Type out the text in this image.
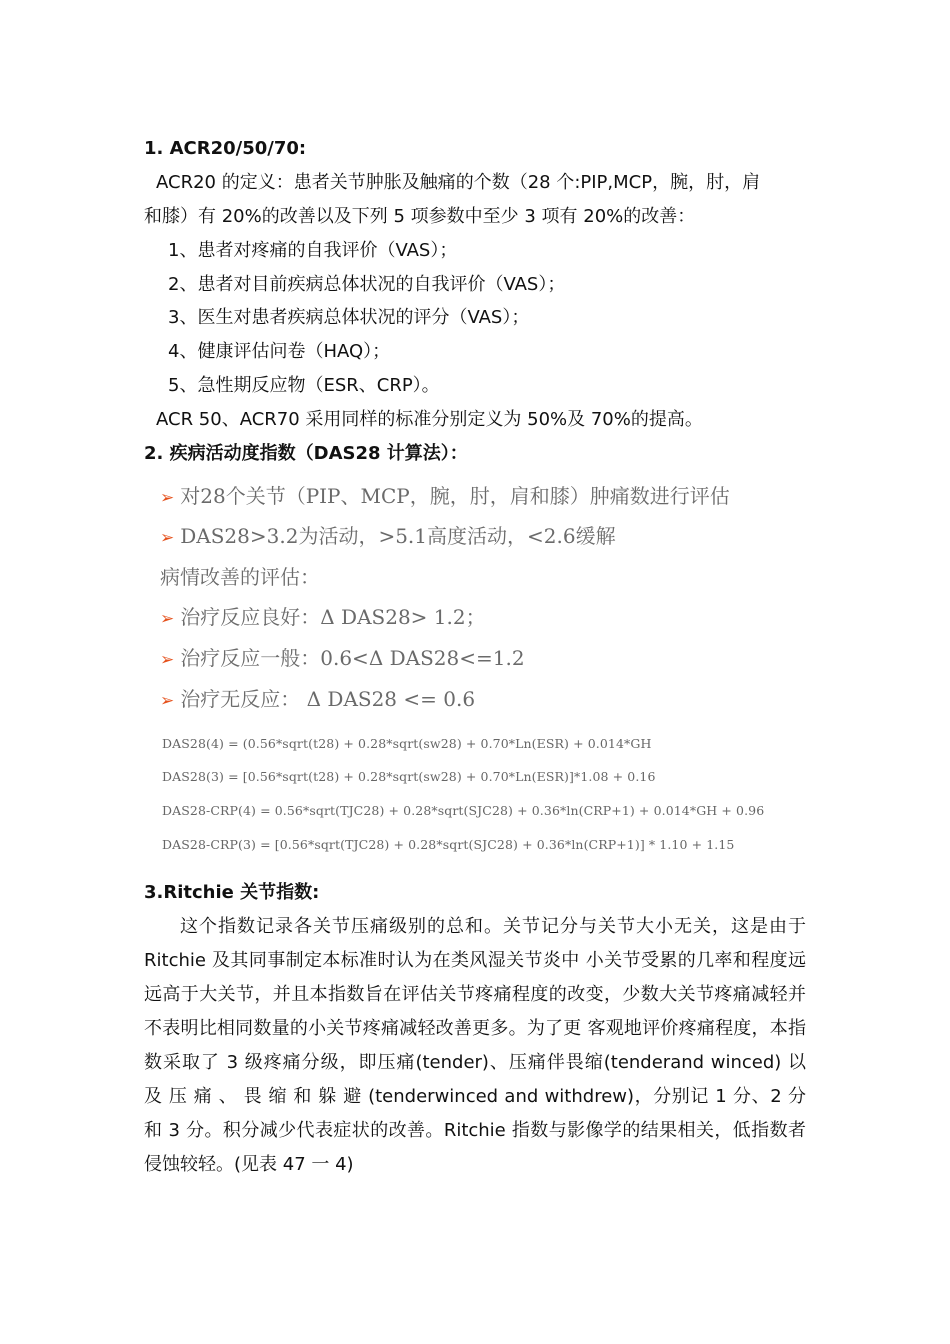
1. ACR20/50/70:
ACR20 的定义：患者关节肿胀及触痛的个数（28 个:PIP,MCP，腕，肘，肩
和膝）有 20%的改善以及下列 5 项参数中至少 3 项有 20%的改善：
1、患者对疼痛的自我评价（VAS）；
2、患者对目前疾病总体状况的自我评价（VAS）；
3、医生对患者疾病总体状况的评分（VAS）；
4、健康评估问卷（HAQ）；
5、急性期反应物（ESR、CRP）。
ACR 50、ACR70 采用同样的标准分别定义为 50%及 70%的提高。
2. 疾病活动度指数（DAS28 计算法）：
➢ 对28个关节（PIP、MCP，腕，肘，肩和膝）肿痛数进行评估
➢ DAS28>3.2为活动，>5.1高度活动，<2.6缓解
病情改善的评估：
➢ 治疗反应良好：Δ DAS28> 1.2；
➢ 治疗反应一般：0.6<Δ DAS28<=1.2
➢ 治疗无反应： Δ DAS28 <= 0.6
DAS28(4) = (0.56*sqrt(t28) + 0.28*sqrt(sw28) + 0.70*Ln(ESR) + 0.014*GH
DAS28(3) = [0.56*sqrt(t28) + 0.28*sqrt(sw28) + 0.70*Ln(ESR)]*1.08 + 0.16
DAS28-CRP(4) = 0.56*sqrt(TJC28) + 0.28*sqrt(SJC28) + 0.36*ln(CRP+1) + 0.014*GH + 0.96
DAS28-CRP(3) = [0.56*sqrt(TJC28) + 0.28*sqrt(SJC28) + 0.36*ln(CRP+1)] * 1.10 + 1.15
3.Ritchie 关节指数:
这个指数记录各关节压痛级别的总和。关节记分与关节大小无关，这是由于 Ritchie 及其同事制定本标准时认为在类风湿关节炎中 小关节受累的几率和程度远远高于大关节，并且本指数旨在评估关节疼痛程度的改变，少数大关节疼痛减轻并不表明比相同数量的小关节疼痛减轻改善更多。为了更 客观地评价疼痛程度，本指数采取了 3 级疼痛分级，即压痛(tender)、压痛伴畏缩(tenderand winced) 以 及 压 痛 、 畏 缩 和 躲 避 (tenderwinced and withdrew)，分别记 1 分、2 分和 3 分。积分减少代表症状的改善。Ritchie 指数与影像学的结果相关，低指数者侵蚀较轻。(见表 47 一 4)
